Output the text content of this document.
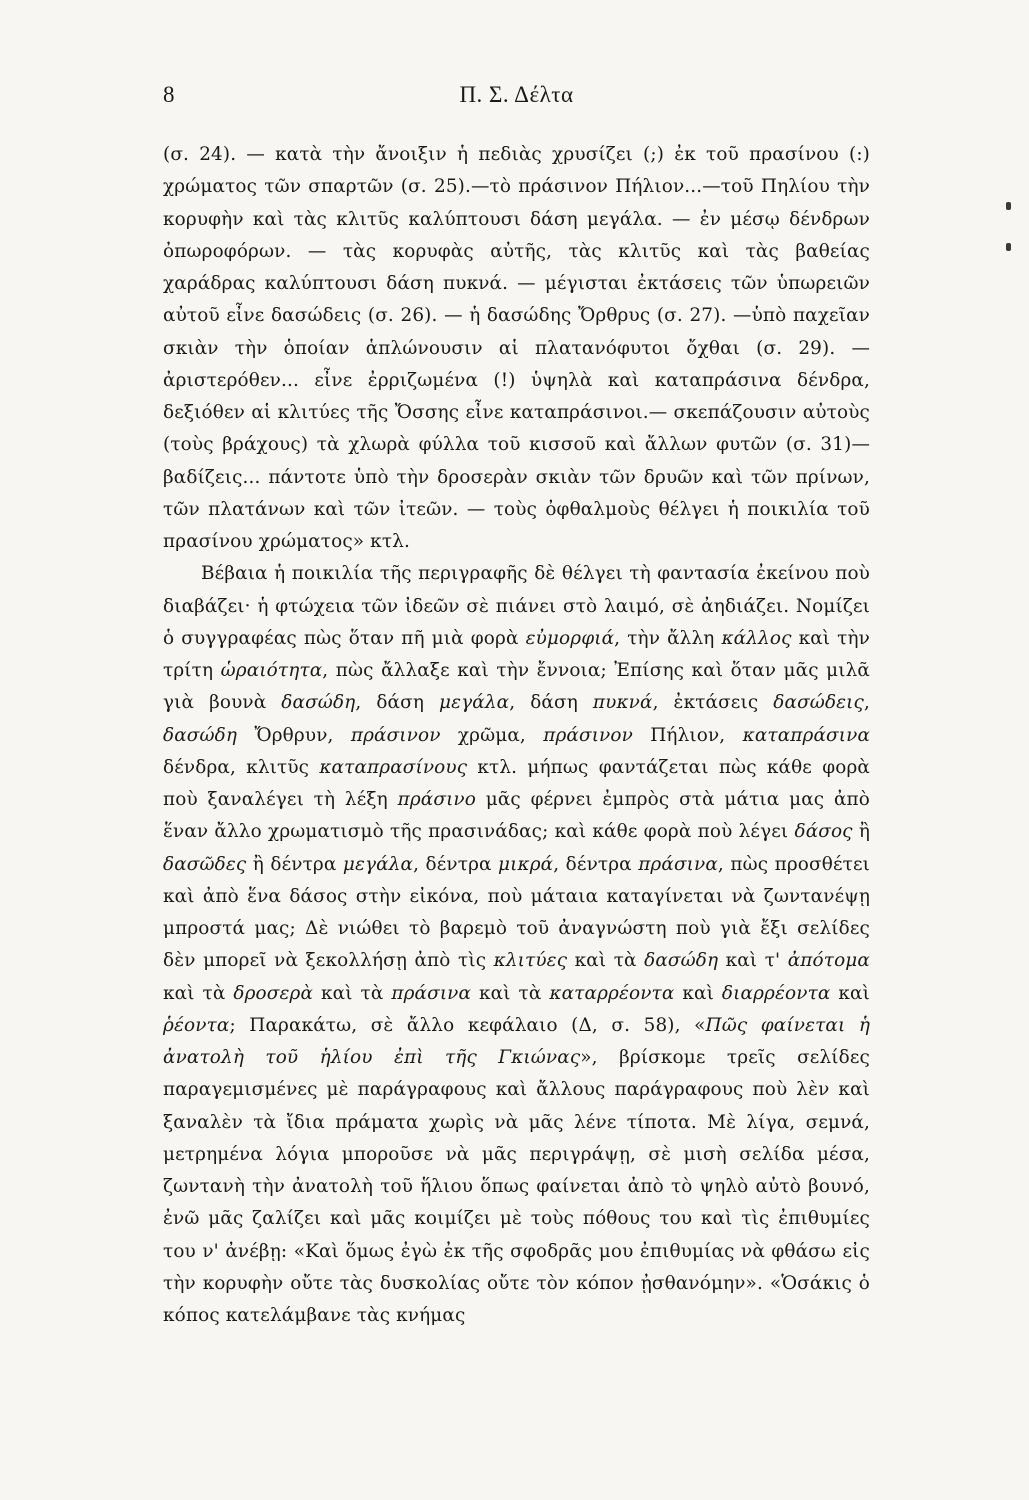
8	Π. Σ. Δέλτα

(σ. 24). — κατὰ τὴν ἄνοιξιν ἡ πεδιὰς χρυσίζει (;) ἐκ τοῦ πρασίνου (:) χρώματος τῶν σπαρτῶν (σ. 25).—τὸ πράσινον Πήλιον...—τοῦ Πηλίου τὴν κορυφὴν καὶ τὰς κλιτῦς καλύπτουσι δάση μεγάλα. — ἐν μέσῳ δένδρων ὀπωροφόρων. — τὰς κορυφὰς αὐτῆς, τὰς κλιτῦς καὶ τὰς βαθείας χαράδρας καλύπτουσι δάση πυκνά. — μέγισται ἐκτάσεις τῶν ὑπωρειῶν αὐτοῦ εἶνε δασώδεις (σ. 26). — ἡ δασώδης Ὄρθρυς (σ. 27). —ὑπὸ παχεῖαν σκιὰν τὴν ὁποίαν ἁπλώνουσιν αἱ πλατανόφυτοι ὄχθαι (σ. 29). — ἀριστερόθεν... εἶνε ἐρριζωμένα (!) ὑψηλὰ καὶ καταπράσινα δένδρα, δεξιόθεν αἱ κλιτύες τῆς Ὄσσης εἶνε καταπράσινοι.— σκεπάζουσιν αὐτοὺς (τοὺς βράχους) τὰ χλωρὰ φύλλα τοῦ κισσοῦ καὶ ἄλλων φυτῶν (σ. 31)— βαδίζεις... πάντοτε ὑπὸ τὴν δροσερὰν σκιὰν τῶν δρυῶν καὶ τῶν πρίνων, τῶν πλατάνων καὶ τῶν ἰτεῶν. — τοὺς ὀφθαλμοὺς θέλγει ἡ ποικιλία τοῦ πρασίνου χρώματος» κτλ.

Βέβαια ἡ ποικιλία τῆς περιγραφῆς δὲ θέλγει τὴ φαντασία ἐκείνου ποὺ διαβάζει· ἡ φτώχεια τῶν ἰδεῶν σὲ πιάνει στὸ λαιμό, σὲ ἀηδιάζει. Νομίζει ὁ συγγραφέας πὼς ὅταν πῆ μιὰ φορὰ εὐμορφιά, τὴν ἄλλη κάλλος καὶ τὴν τρίτη ὡραιότητα, πὼς ἄλλαξε καὶ τὴν ἔννοια; Ἐπίσης καὶ ὅταν μᾶς μιλᾶ γιὰ βουνὰ δασώδη, δάση μεγάλα, δάση πυκνά, ἐκτάσεις δασώδεις, δασώδη Ὄρθρυν, πράσινον χρῶμα, πράσινον Πήλιον, καταπράσινα δένδρα, κλιτῦς καταπρασίνους κτλ. μήπως φαντάζεται πὼς κάθε φορὰ ποὺ ξαναλέγει τὴ λέξη πράσινο μᾶς φέρνει ἐμπρὸς στὰ μάτια μας ἀπὸ ἕναν ἄλλο χρωματισμὸ τῆς πρασινάδας; καὶ κάθε φορὰ ποὺ λέγει δάσος ἢ δασῶδες ἢ δέντρα μεγάλα, δέντρα μικρά, δέντρα πράσινα, πὼς προσθέτει καὶ ἀπὸ ἕνα δάσος στὴν εἰκόνα, ποὺ μάταια καταγίνεται νὰ ζωντανέψῃ μπροστά μας; Δὲ νιώθει τὸ βαρεμὸ τοῦ ἀναγνώστη ποὺ γιὰ ἔξι σελίδες δὲν μπορεῖ νὰ ξεκολλήσῃ ἀπὸ τὶς κλιτύες καὶ τὰ δασώδη καὶ τ' ἀπότομα καὶ τὰ δροσερὰ καὶ τὰ πράσινα καὶ τὰ καταρρέοντα καὶ διαρρέοντα καὶ ῥέοντα; Παρακάτω, σὲ ἄλλο κεφάλαιο (Δ, σ. 58), «Πῶς φαίνεται ἡ ἀνατολὴ τοῦ ἡλίου ἐπὶ τῆς Γκιώνας», βρίσκομε τρεῖς σελίδες παραγεμισμένες μὲ παράγραφους καὶ ἄλλους παράγραφους ποὺ λὲν καὶ ξαναλὲν τὰ ἴδια πράματα χωρὶς νὰ μᾶς λένε τίποτα. Μὲ λίγα, σεμνά, μετρημένα λόγια μποροῦσε νὰ μᾶς περιγράψῃ, σὲ μισὴ σελίδα μέσα, ζωντανὴ τὴν ἀνατολὴ τοῦ ἥλιου ὅπως φαίνεται ἀπὸ τὸ ψηλὸ αὐτὸ βουνό, ἐνῶ μᾶς ζαλίζει καὶ μᾶς κοιμίζει μὲ τοὺς πόθους του καὶ τὶς ἐπιθυμίες του ν' ἀνέβῃ: «Καὶ ὅμως ἐγὼ ἐκ τῆς σφοδρᾶς μου ἐπιθυμίας νὰ φθάσω εἰς τὴν κορυφὴν οὔτε τὰς δυσκολίας οὔτε τὸν κόπον ᾐσθανόμην». «Ὁσάκις ὁ κόπος κατελάμβανε τὰς κνήμας
